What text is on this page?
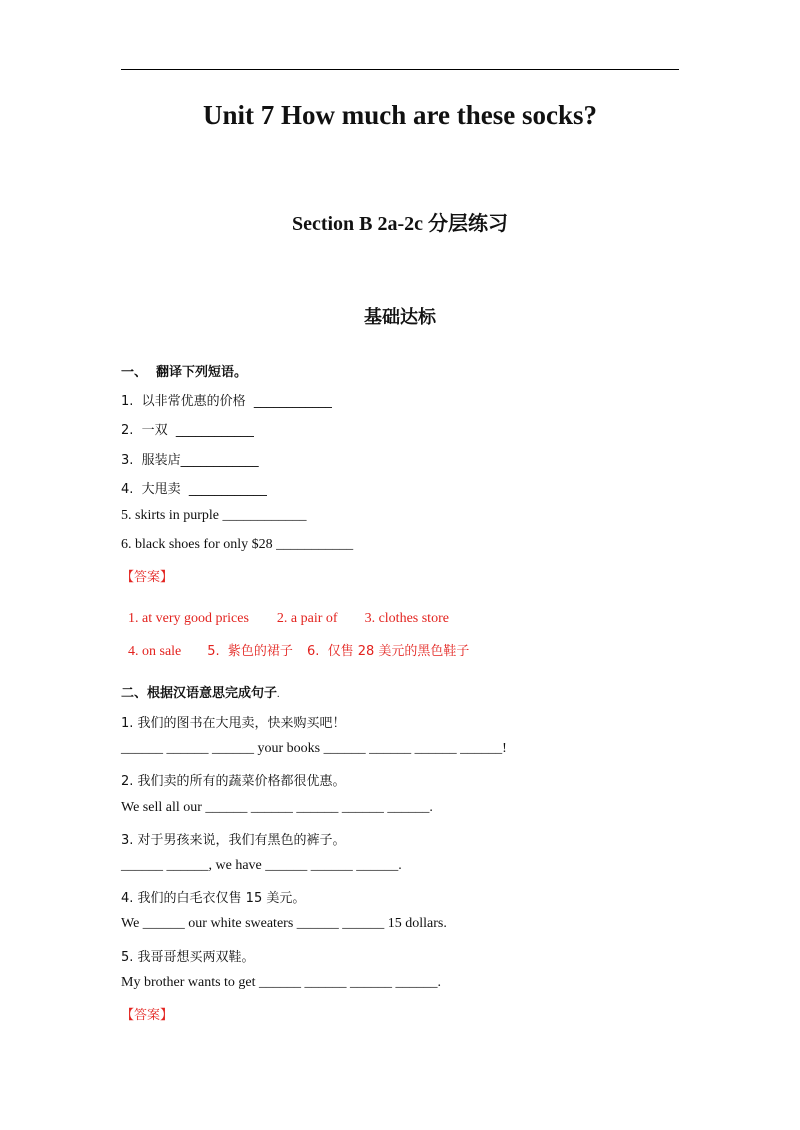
Unit 7 How much are these socks?
Section B 2a-2c 分层练习
基础达标
一、  翻译下列短语。
1.  以非常优惠的价格  ____________
2.  一双  ____________
3.  服装店____________
4.  大甩卖  ____________
5. skirts in purple ____________
6. black shoes for only $28 ___________
【答案】

1. at very good prices 2. a pair of 3. clothes store

4. on sale 5.  紫色的裙子 6.  仅售 28 美元的黑色鞋子

二、根据汉语意思完成句子.
1. 我们的图书在大甩卖，快来购买吧！
______ ______ ______ your books ______ ______ ______ ______!
2. 我们卖的所有的蔬菜价格都很优惠。
We sell all our ______ ______ ______ ______ ______.
3. 对于男孩来说，我们有黑色的裤子。
______ ______, we have ______ ______ ______.
4. 我们的白毛衣仅售 15 美元。
We ______ our white sweaters ______ ______ 15 dollars.
5. 我哥哥想买两双鞋。
My brother wants to get ______ ______ ______ ______.
【答案】
